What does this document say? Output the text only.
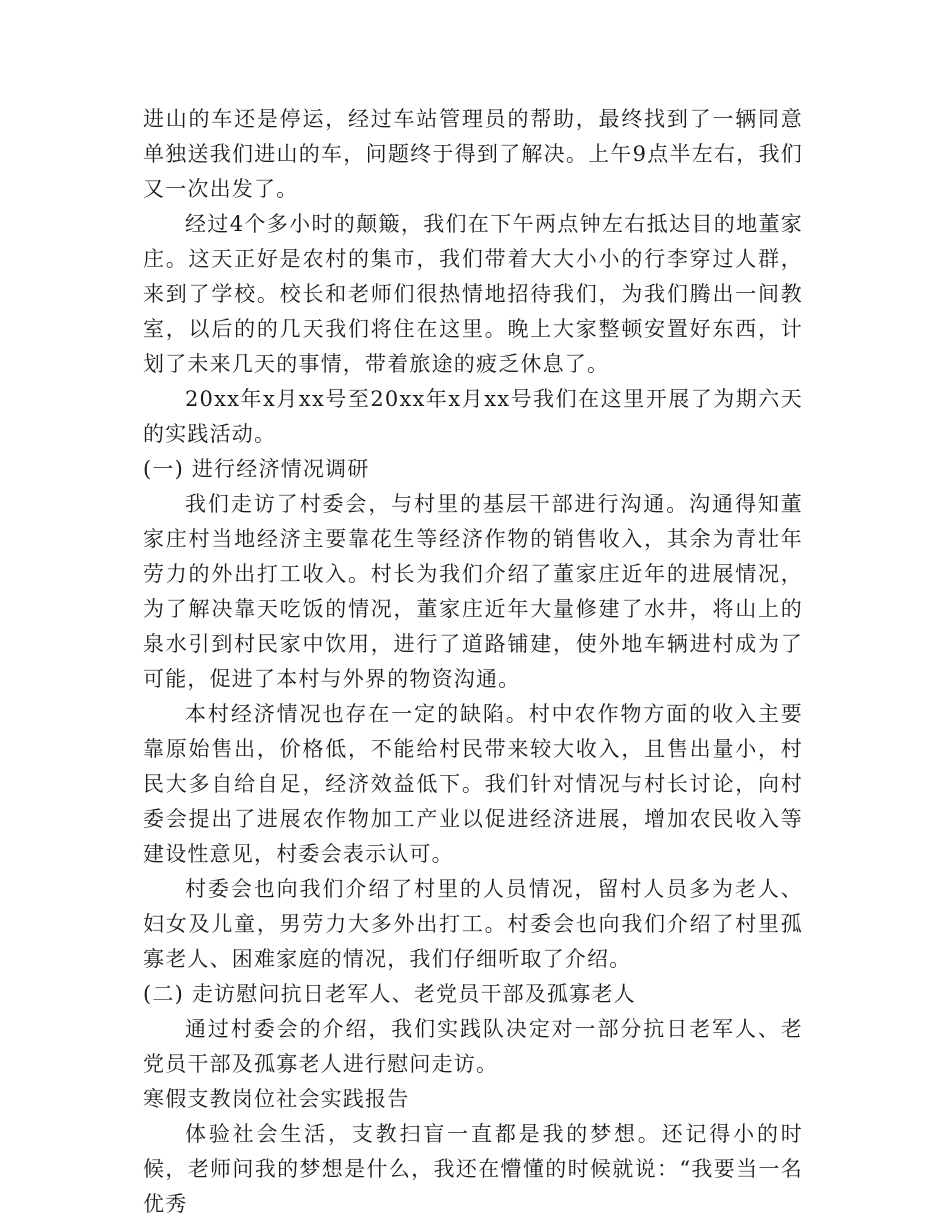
进山的车还是停运，经过车站管理员的帮助，最终找到了一辆同意单独送我们进山的车，问题终于得到了解决。上午9点半左右，我们又一次出发了。

经过4个多小时的颠簸，我们在下午两点钟左右抵达目的地董家庄。这天正好是农村的集市，我们带着大大小小的行李穿过人群，来到了学校。校长和老师们很热情地招待我们，为我们腾出一间教室，以后的的几天我们将住在这里。晚上大家整顿安置好东西，计划了未来几天的事情，带着旅途的疲乏休息了。

20xx年x月xx号至20xx年x月xx号我们在这里开展了为期六天的实践活动。

(一) 进行经济情况调研

我们走访了村委会，与村里的基层干部进行沟通。沟通得知董家庄村当地经济主要靠花生等经济作物的销售收入，其余为青壮年劳力的外出打工收入。村长为我们介绍了董家庄近年的进展情况，为了解决靠天吃饭的情况，董家庄近年大量修建了水井，将山上的泉水引到村民家中饮用，进行了道路铺建，使外地车辆进村成为了可能，促进了本村与外界的物资沟通。

本村经济情况也存在一定的缺陷。村中农作物方面的收入主要靠原始售出，价格低，不能给村民带来较大收入，且售出量小，村民大多自给自足，经济效益低下。我们针对情况与村长讨论，向村委会提出了进展农作物加工产业以促进经济进展，增加农民收入等建设性意见，村委会表示认可。

村委会也向我们介绍了村里的人员情况，留村人员多为老人、妇女及儿童，男劳力大多外出打工。村委会也向我们介绍了村里孤寡老人、困难家庭的情况，我们仔细听取了介绍。

(二) 走访慰问抗日老军人、老党员干部及孤寡老人

通过村委会的介绍，我们实践队决定对一部分抗日老军人、老党员干部及孤寡老人进行慰问走访。

寒假支教岗位社会实践报告

体验社会生活，支教扫盲一直都是我的梦想。还记得小的时候，老师问我的梦想是什么，我还在懵懂的时候就说：“我要当一名优秀
